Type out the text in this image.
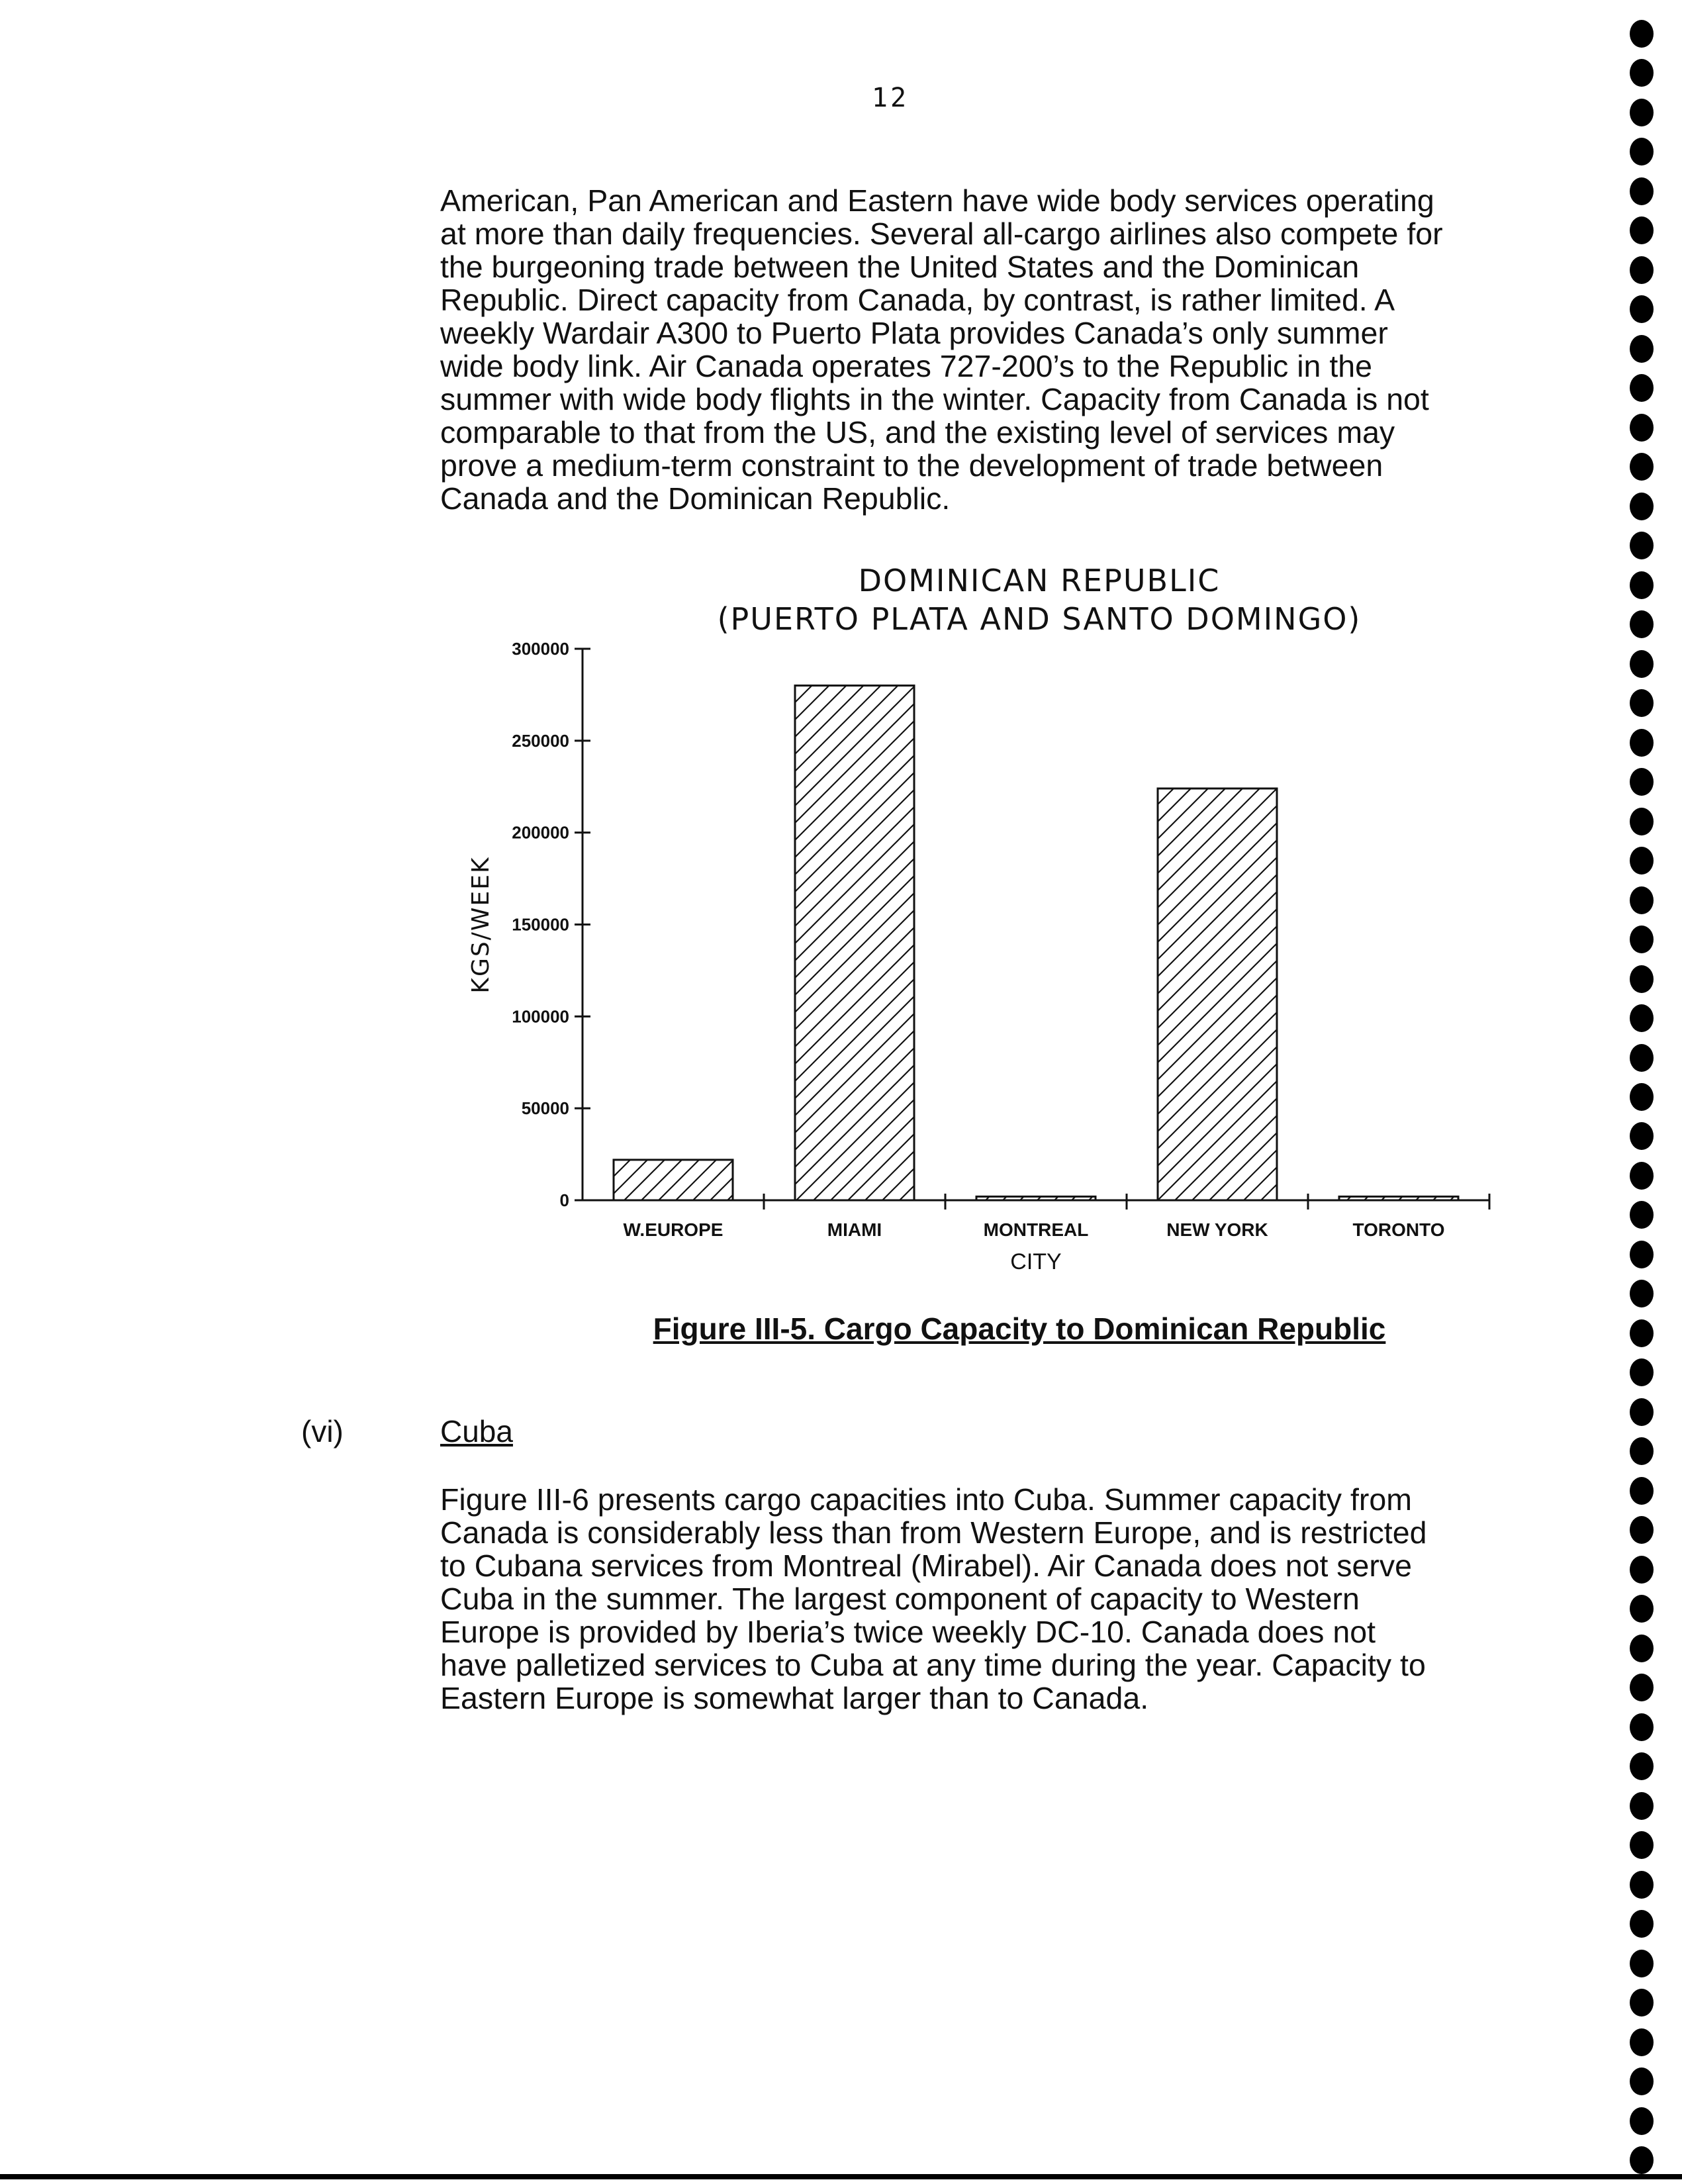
12
American, Pan American and Eastern have wide body services operating
at more than daily frequencies. Several all-cargo airlines also compete for
the burgeoning trade between the United States and the Dominican
Republic. Direct capacity from Canada, by contrast, is rather limited. A
weekly Wardair A300 to Puerto Plata provides Canada’s only summer
wide body link. Air Canada operates 727-200’s to the Republic in the
summer with wide body flights in the winter. Capacity from Canada is not
comparable to that from the US, and the existing level of services may
prove a medium-term constraint to the development of trade between
Canada and the Dominican Republic.
DOMINICAN REPUBLIC
(PUERTO PLATA AND SANTO DOMINGO)
0
50000
100000
150000
200000
250000
300000
KGS/WEEK
W.EUROPE	MIAMI	MONTREAL
CITY
NEW YORK	TORONTO
Figure III-5. Cargo Capacity to Dominican Republic
(vi)	Cuba
Figure III-6 presents cargo capacities into Cuba. Summer capacity from
Canada is considerably less than from Western Europe, and is restricted
to Cubana services from Montreal (Mirabel). Air Canada does not serve
Cuba in the summer. The largest component of capacity to Western
Europe is provided by Iberia’s twice weekly DC-10. Canada does not
have palletized services to Cuba at any time during the year. Capacity to
Eastern Europe is somewhat larger than to Canada.
